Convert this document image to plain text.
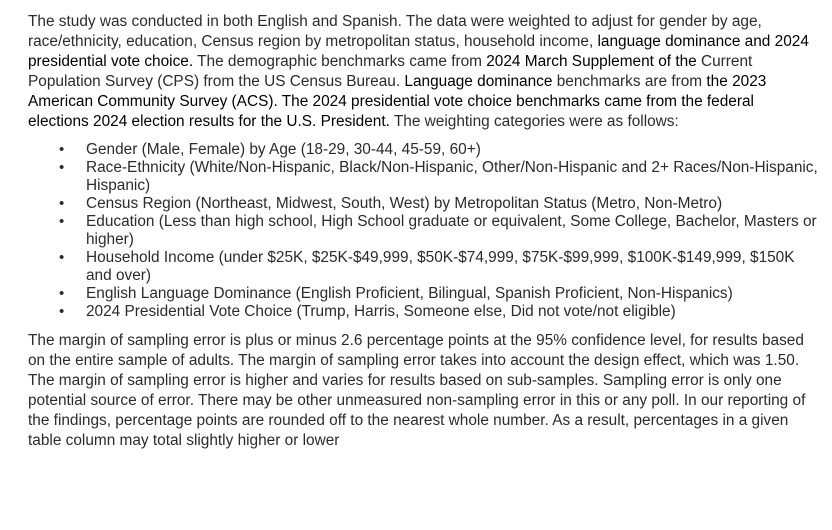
The study was conducted in both English and Spanish. The data were weighted to adjust for gender by age, race/ethnicity, education, Census region by metropolitan status, household income, language dominance and 2024 presidential vote choice. The demographic benchmarks came from 2024 March Supplement of the Current Population Survey (CPS) from the US Census Bureau. Language dominance benchmarks are from the 2023 American Community Survey (ACS). The 2024 presidential vote choice benchmarks came from the federal elections 2024 election results for the U.S. President. The weighting categories were as follows:

• Gender (Male, Female) by Age (18-29, 30-44, 45-59, 60+)
• Race-Ethnicity (White/Non-Hispanic, Black/Non-Hispanic, Other/Non-Hispanic and 2+ Races/Non-Hispanic, Hispanic)
• Census Region (Northeast, Midwest, South, West) by Metropolitan Status (Metro, Non-Metro)
• Education (Less than high school, High School graduate or equivalent, Some College, Bachelor, Masters or higher)
• Household Income (under $25K, $25K-$49,999, $50K-$74,999, $75K-$99,999, $100K-$149,999, $150K and over)
• English Language Dominance (English Proficient, Bilingual, Spanish Proficient, Non-Hispanics)
• 2024 Presidential Vote Choice (Trump, Harris, Someone else, Did not vote/not eligible)

The margin of sampling error is plus or minus 2.6 percentage points at the 95% confidence level, for results based on the entire sample of adults. The margin of sampling error takes into account the design effect, which was 1.50. The margin of sampling error is higher and varies for results based on sub-samples. Sampling error is only one potential source of error. There may be other unmeasured non-sampling error in this or any poll. In our reporting of the findings, percentage points are rounded off to the nearest whole number. As a result, percentages in a given table column may total slightly higher or lower
